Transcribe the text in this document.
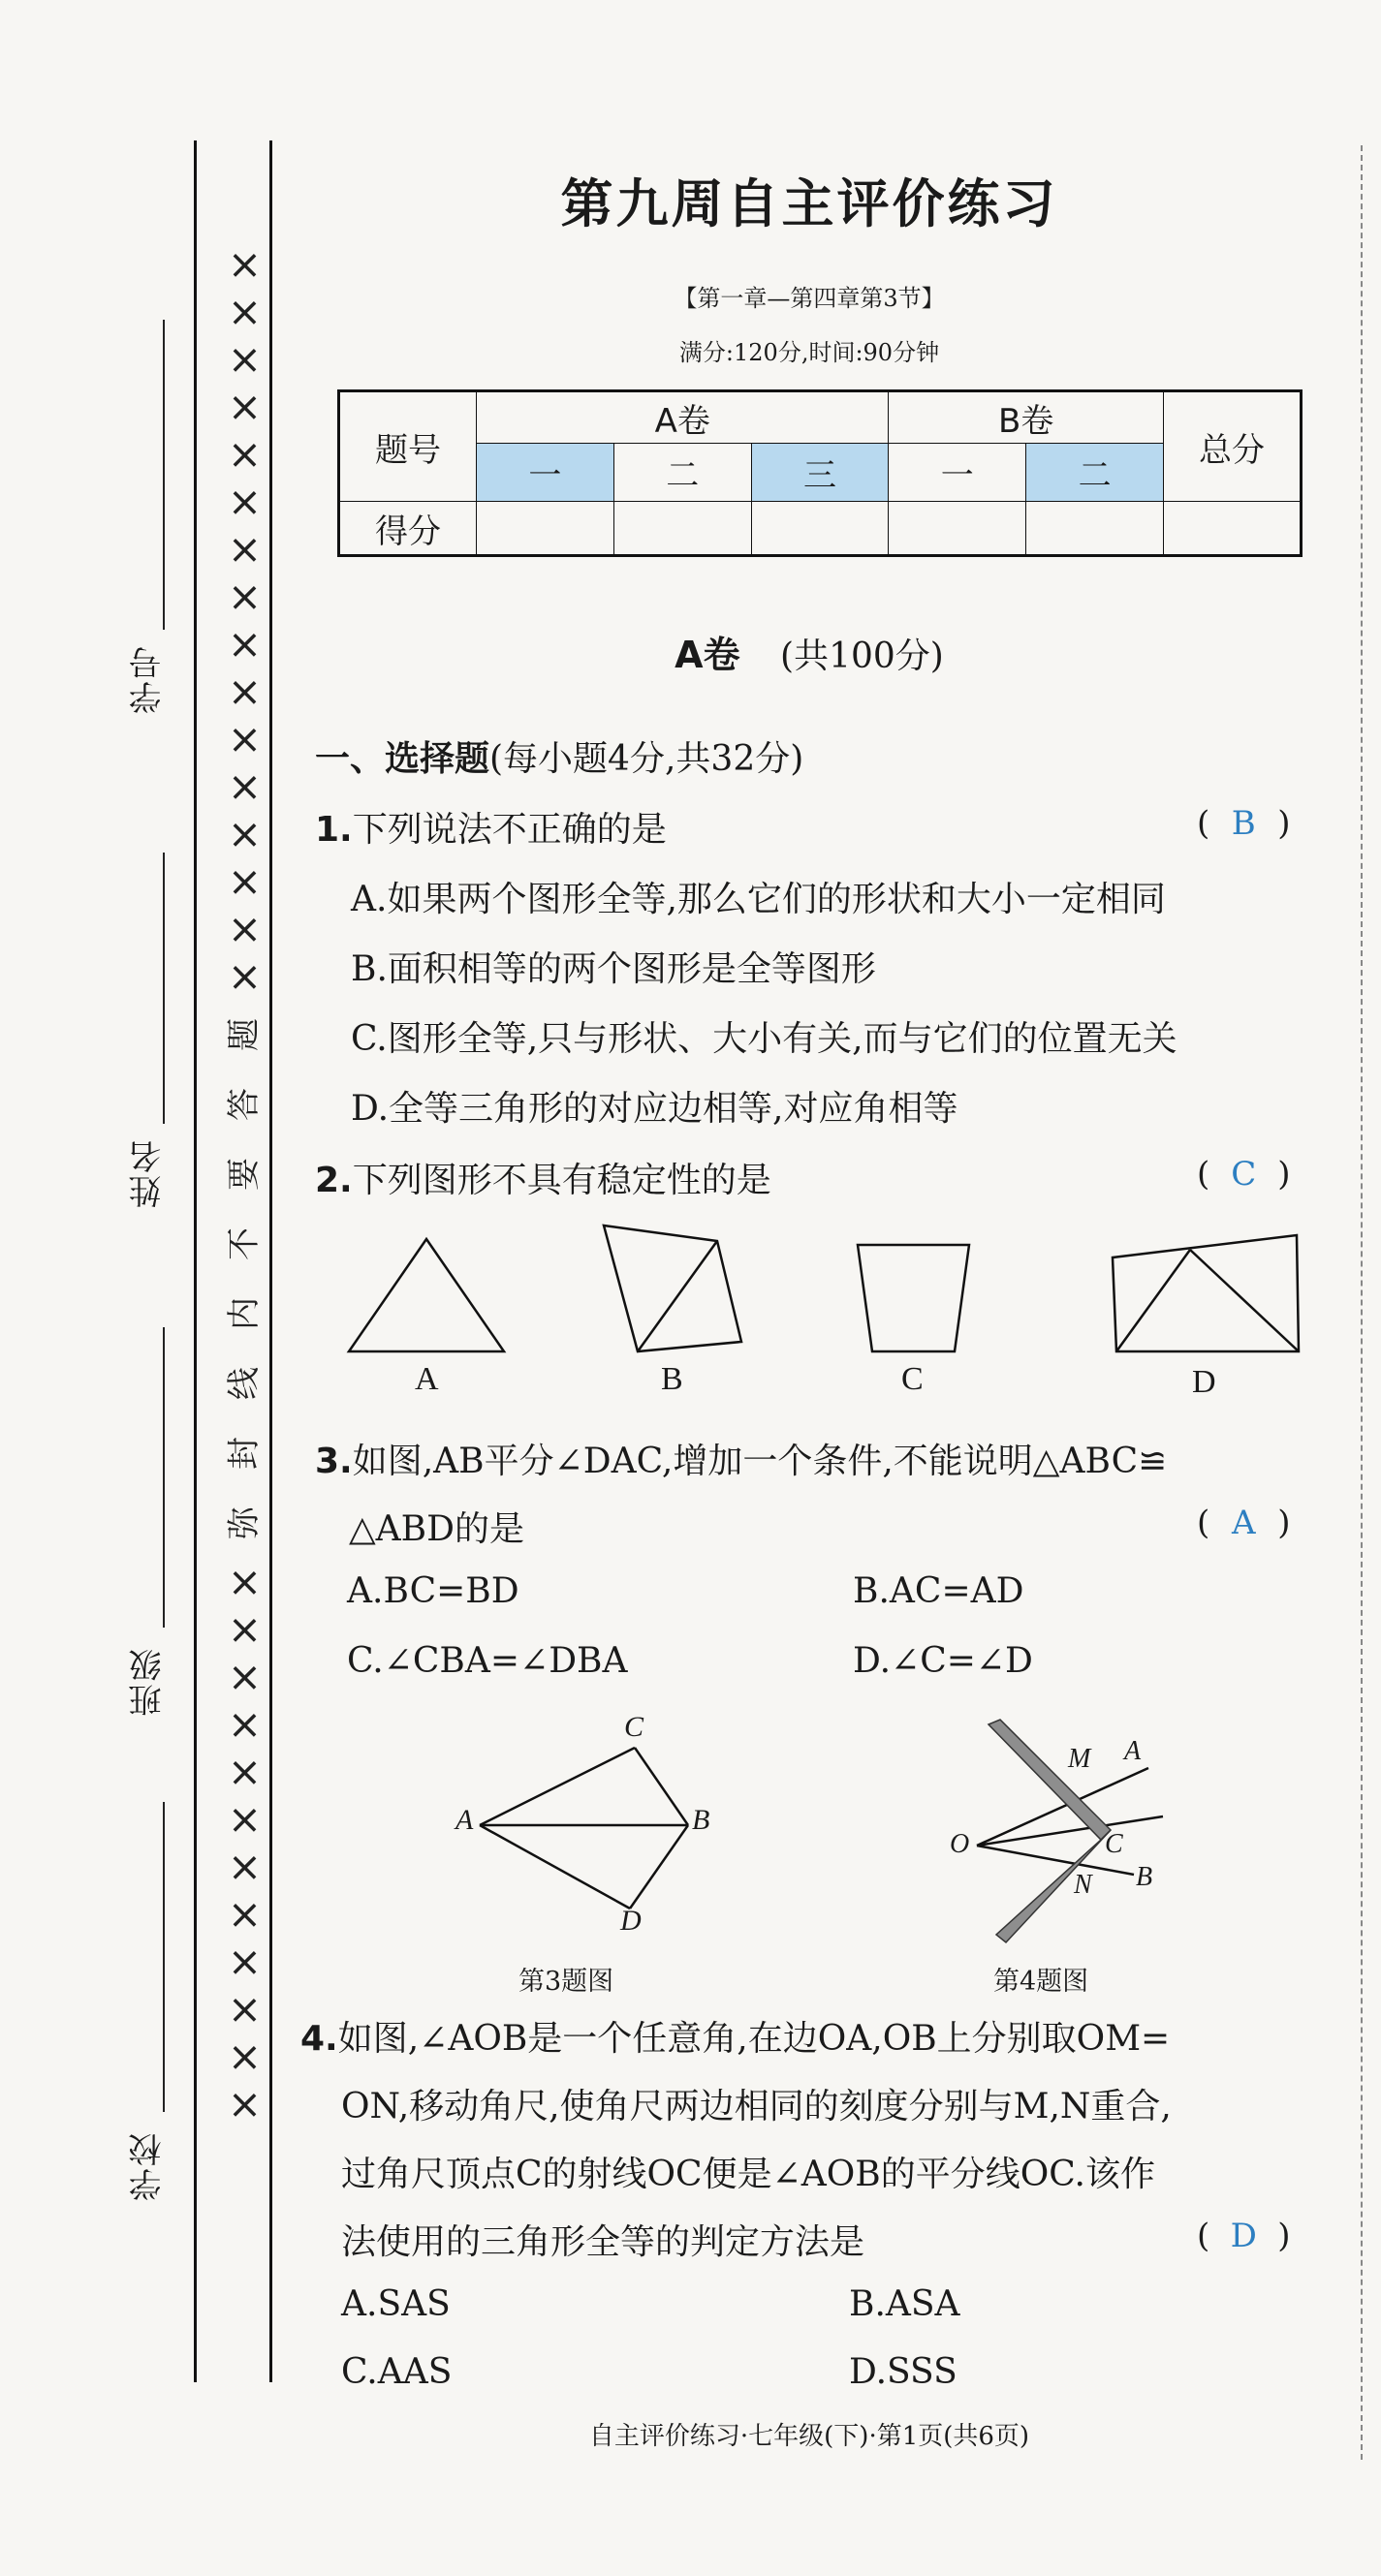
学校
班级
姓名
学号 ××××××××××××××××
题
答
要
不
内
线
封
弥
××××××××××××
第九周自主评价练习
【第一章—第四章第3节】
满分:120分,时间:90分钟
题号	A卷			B卷		总分
	一	二	三	一	二	
得分						
A卷 (共100分)
一、选择题(每小题4分,共32分)
1.下列说法不正确的是	( B )
A.如果两个图形全等,那么它们的形状和大小一定相同
B.面积相等的两个图形是全等图形
C.图形全等,只与形状、大小有关,而与它们的位置无关
D.全等三角形的对应边相等,对应角相等
2.下列图形不具有稳定性的是	( C )
A	B	C	D
3.如图,AB平分∠DAC,增加一个条件,不能说明△ABC≌
△ABD的是	( A )
A.BC=BD	B.AC=AD
C.∠CBA=∠DBA	D.∠C=∠D
A	B
C
D
第3题图
M A
O	C
B
N
第4题图
4.如图,∠AOB是一个任意角,在边OA,OB上分别取OM=
ON,移动角尺,使角尺两边相同的刻度分别与M,N重合,
过角尺顶点C的射线OC便是∠AOB的平分线OC.该作
法使用的三角形全等的判定方法是	( D )
A.SAS	B.ASA
C.AAS	D.SSS
自主评价练习·七年级(下)·第1页(共6页)
